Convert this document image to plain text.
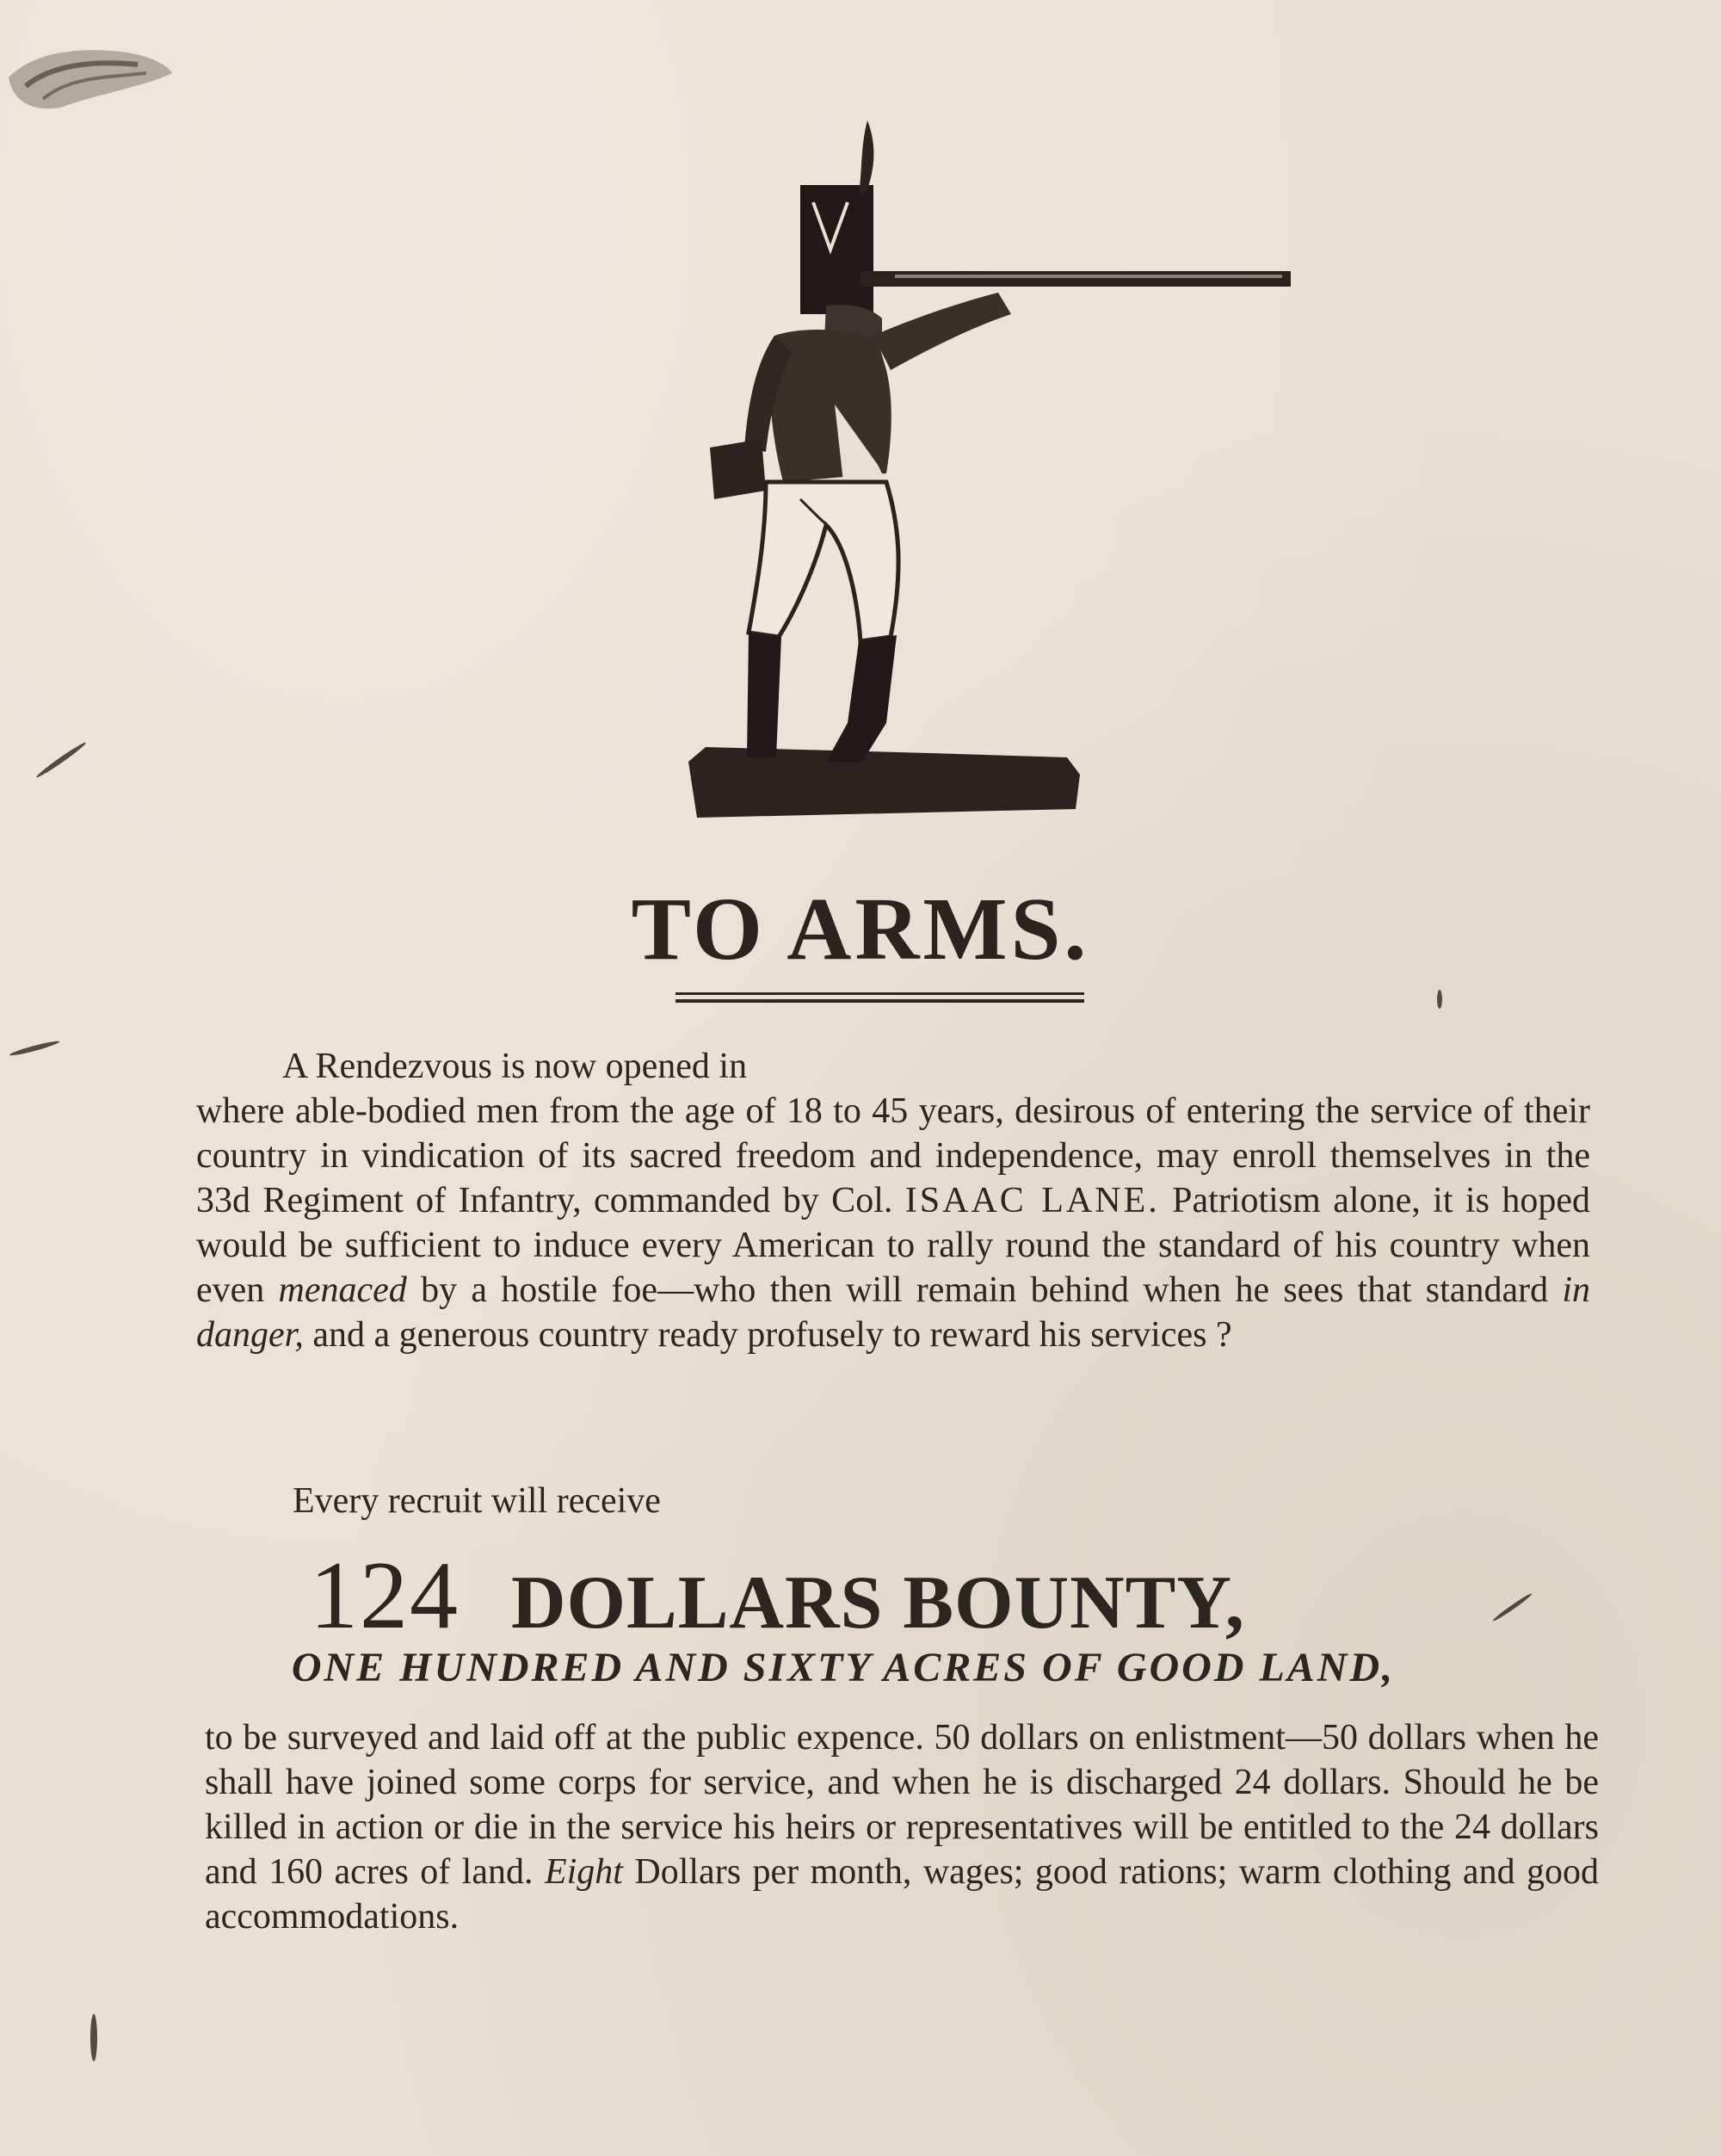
TO ARMS.
A Rendezvous is now opened in
where able-bodied men from the age of 18 to 45 years, desirous of entering the service of their country in vindication of its sacred freedom and independence, may enroll themselves in the 33d Regiment of Infantry, commanded by Col. ISAAC LANE. Patriotism alone, it is hoped would be sufficient to induce every American to rally round the standard of his country when even menaced by a hostile foe—who then will remain behind when he sees that standard in danger, and a generous country ready profusely to reward his services ?
Every recruit will receive
124 DOLLARS BOUNTY,
ONE HUNDRED AND SIXTY ACRES OF GOOD LAND,
to be surveyed and laid off at the public expence. 50 dollars on enlistment—50 dollars when he shall have joined some corps for service, and when he is discharged 24 dollars. Should he be killed in action or die in the service his heirs or representatives will be entitled to the 24 dollars and 160 acres of land. Eight Dollars per month, wages; good rations; warm clothing and good accommodations.
